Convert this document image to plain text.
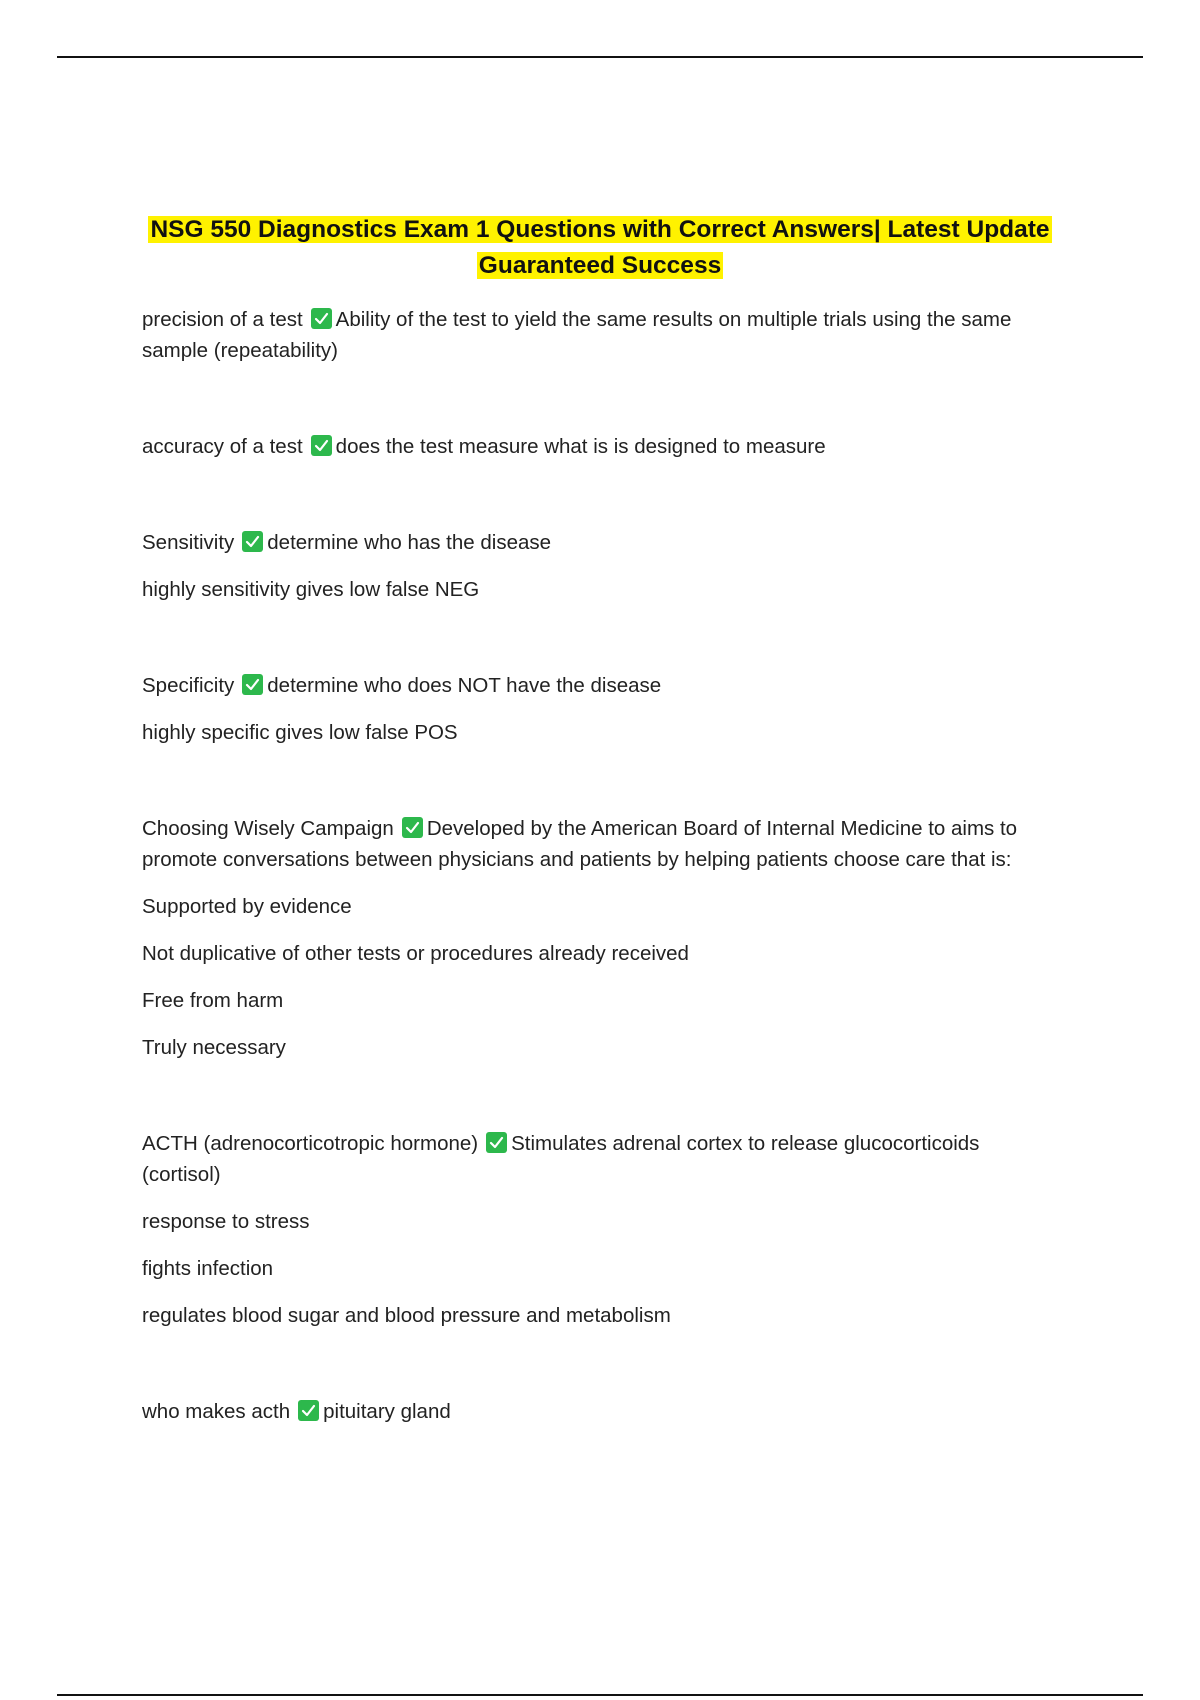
NSG 550 Diagnostics Exam 1 Questions with Correct Answers| Latest Update
Guaranteed Success

precision of a test Ability of the test to yield the same results on multiple trials using the same sample (repeatability)

accuracy of a test does the test measure what is is designed to measure

Sensitivity determine who has the disease

highly sensitivity gives low false NEG

Specificity determine who does NOT have the disease

highly specific gives low false POS

Choosing Wisely Campaign Developed by the American Board of Internal Medicine to aims to promote conversations between physicians and patients by helping patients choose care that is:

Supported by evidence

Not duplicative of other tests or procedures already received

Free from harm

Truly necessary

ACTH (adrenocorticotropic hormone) Stimulates adrenal cortex to release glucocorticoids (cortisol)

response to stress

fights infection

regulates blood sugar and blood pressure and metabolism

who makes acth pituitary gland
